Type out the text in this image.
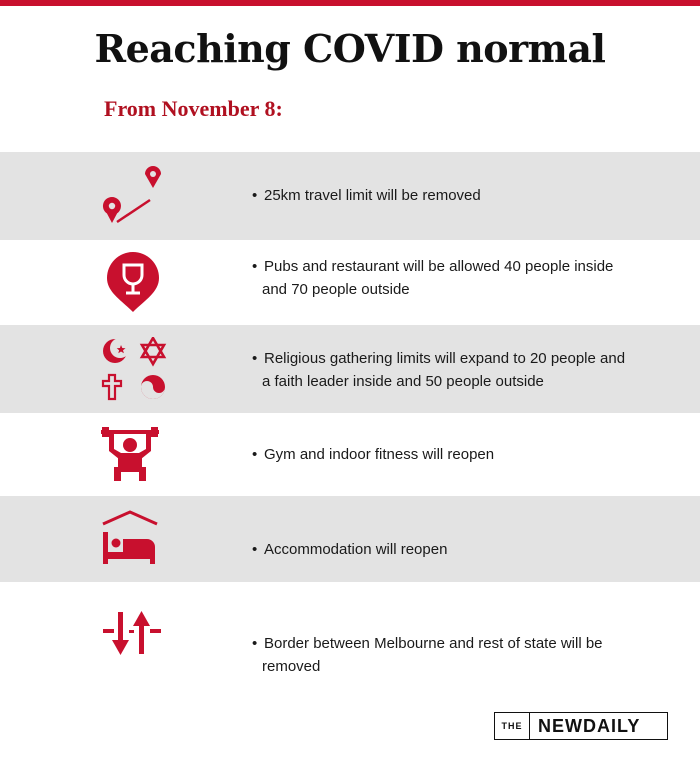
Reaching COVID normal
From November 8:
• 25km travel limit will be removed
• Pubs and restaurant will be allowed 40 people inside and 70 people outside
• Religious gathering limits will expand to 20 people and a faith leader inside and 50 people outside
• Gym and indoor fitness will reopen
• Accommodation will reopen
• Border between Melbourne and rest of state will be removed
THE NEWDAILY
